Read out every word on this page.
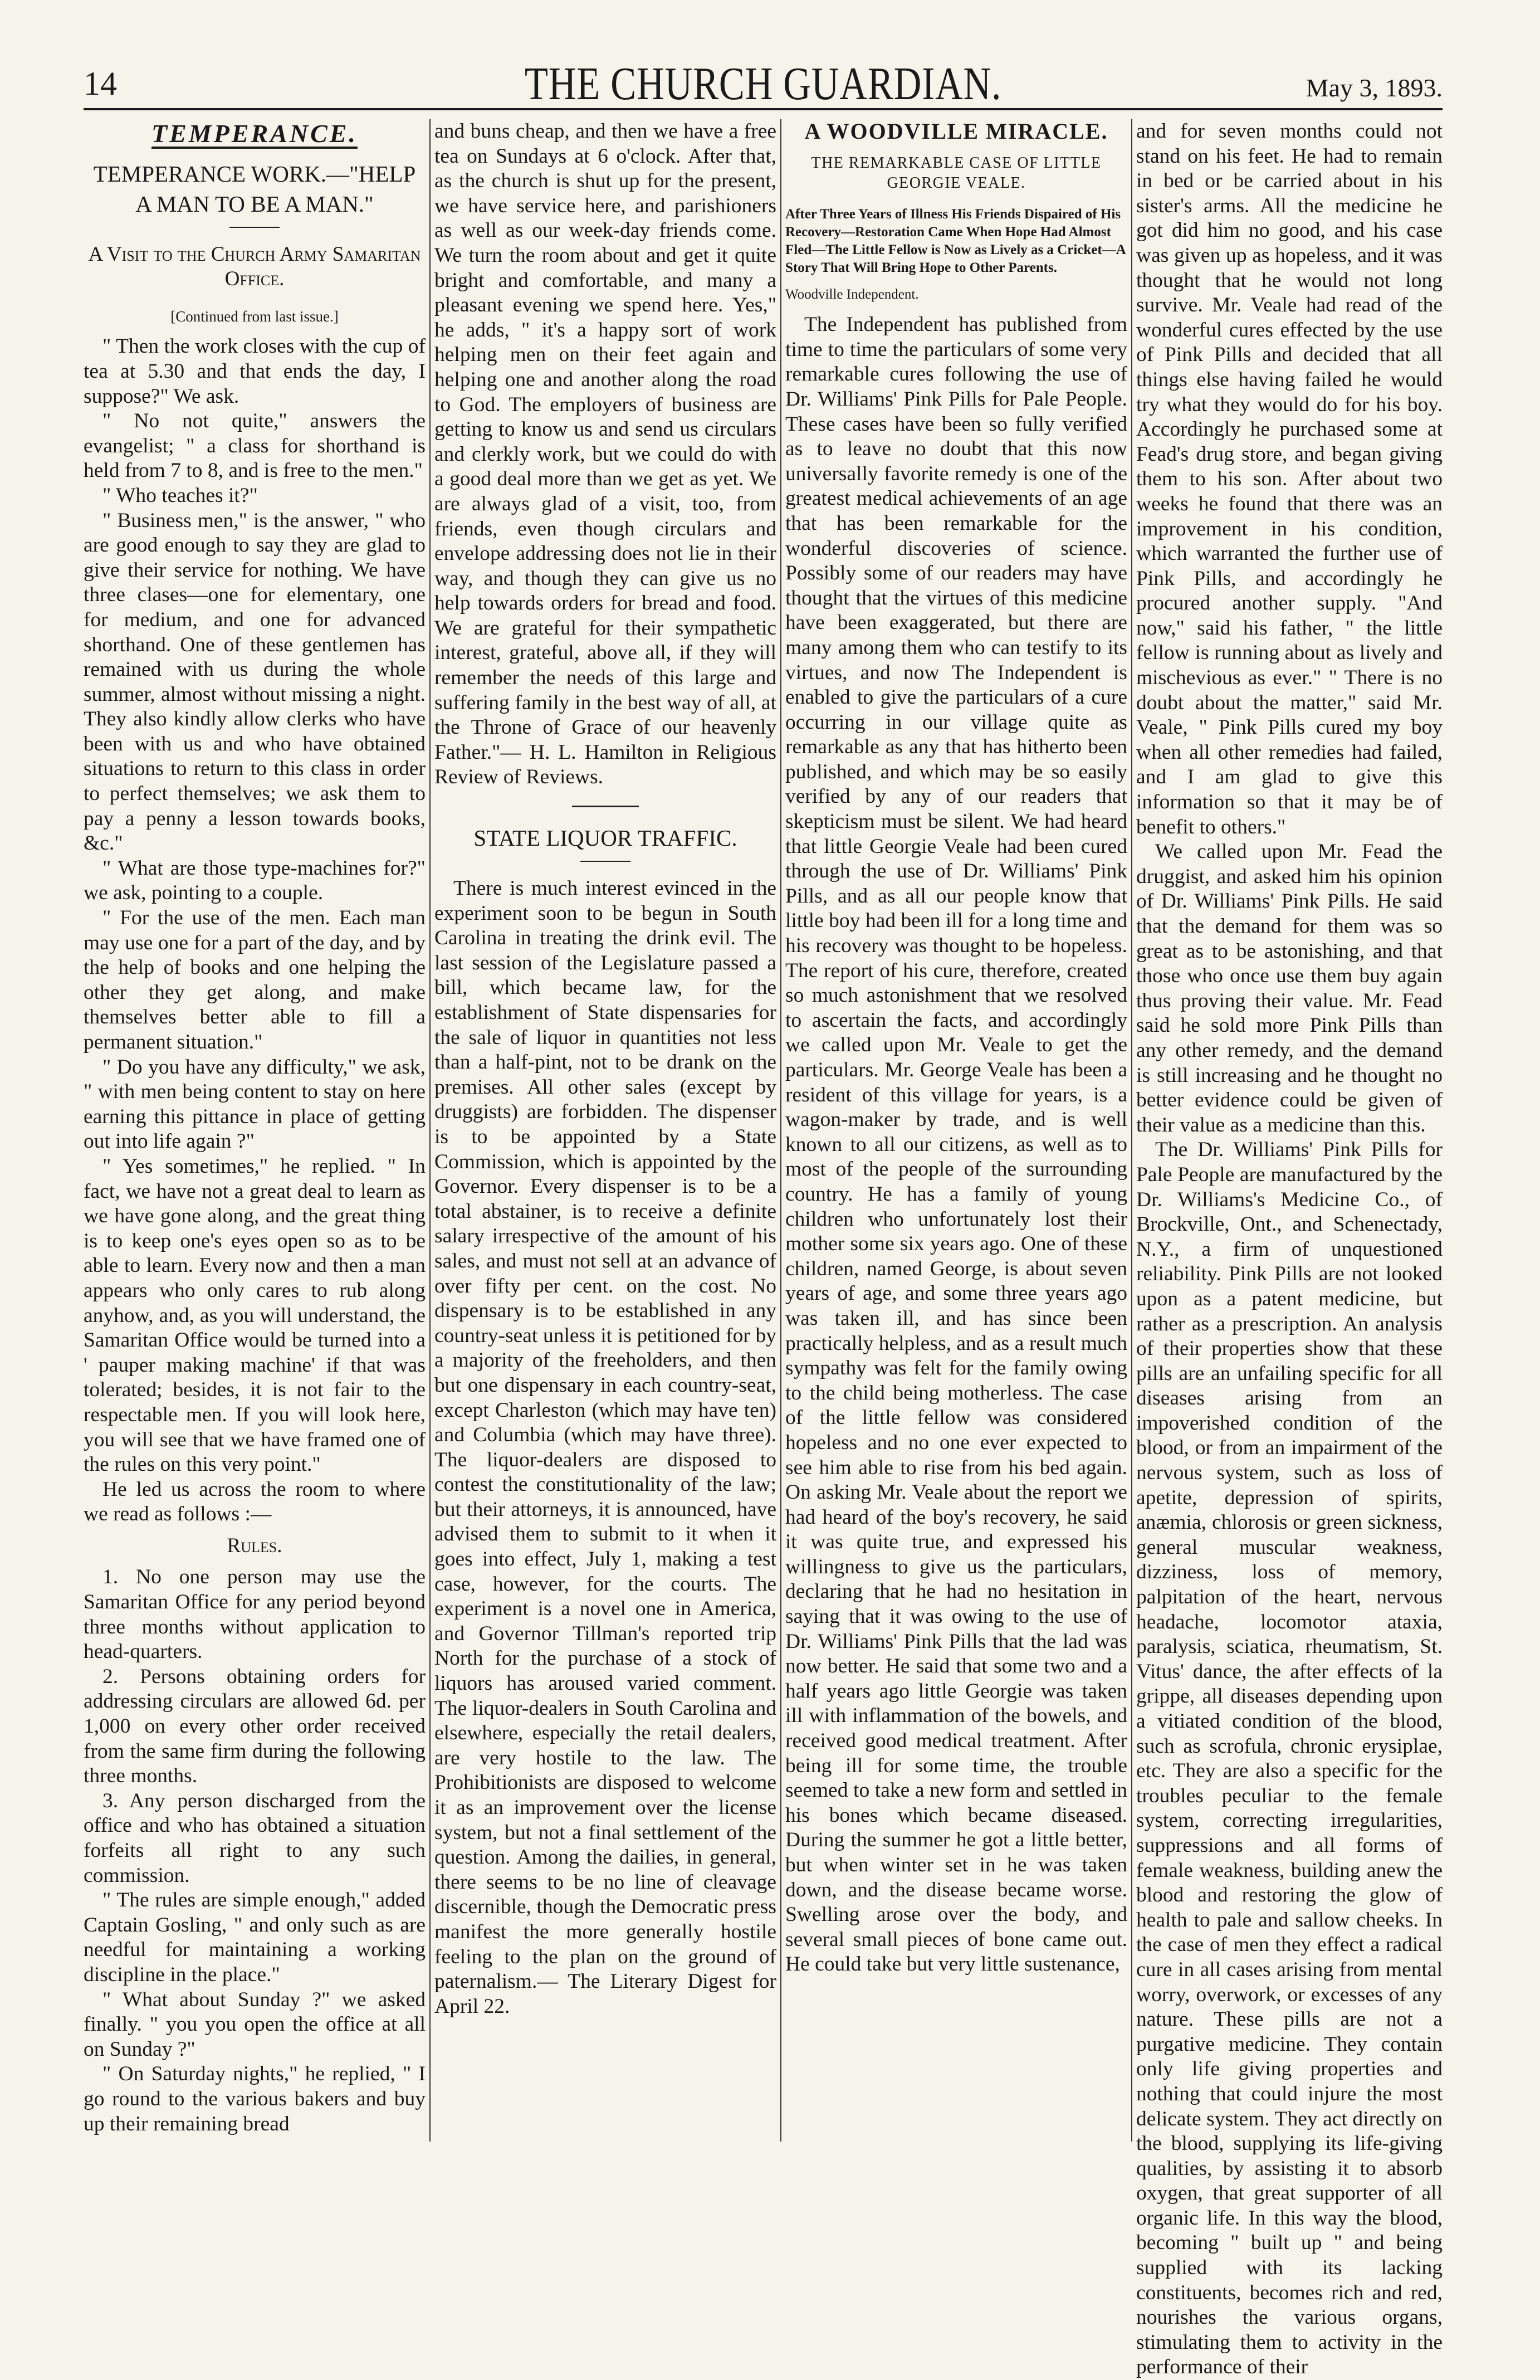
14	THE CHURCH GUARDIAN.	May 3, 1893.
TEMPERANCE.
TEMPERANCE WORK.—"HELP A MAN TO BE A MAN."
A Visit to the Church Army Samaritan Office.
[Continued from last issue.]

" Then the work closes with the cup of tea at 5.30 and that ends the day, I suppose?" We ask.

" No not quite," answers the evangelist; " a class for shorthand is held from 7 to 8, and is free to the men."

" Who teaches it?"

" Business men," is the answer, " who are good enough to say they are glad to give their service for nothing. We have three clases—one for elementary, one for medium, and one for advanced shorthand. One of these gentlemen has remained with us during the whole summer, almost without missing a night. They also kindly allow clerks who have been with us and who have obtained situations to return to this class in order to perfect themselves; we ask them to pay a penny a lesson towards books, &c."

" What are those type-machines for?" we ask, pointing to a couple.

" For the use of the men. Each man may use one for a part of the day, and by the help of books and one helping the other they get along, and make themselves better able to fill a permanent situation."

" Do you have any difficulty," we ask, " with men being content to stay on here earning this pittance in place of getting out into life again ?"

" Yes sometimes," he replied. " In fact, we have not a great deal to learn as we have gone along, and the great thing is to keep one's eyes open so as to be able to learn. Every now and then a man appears who only cares to rub along anyhow, and, as you will understand, the Samaritan Office would be turned into a ' pauper making machine' if that was tolerated; besides, it is not fair to the respectable men. If you will look here, you will see that we have framed one of the rules on this very point."

He led us across the room to where we read as follows :—

Rules.

1. No one person may use the Samaritan Office for any period beyond three months without application to head-quarters.

2. Persons obtaining orders for addressing circulars are allowed 6d. per 1,000 on every other order received from the same firm during the following three months.

3. Any person discharged from the office and who has obtained a situation forfeits all right to any such commission.

" The rules are simple enough," added Captain Gosling, " and only such as are needful for maintaining a working discipline in the place."

" What about Sunday ?" we asked finally. " you you open the office at all on Sunday ?"

" On Saturday nights," he replied, " I go round to the various bakers and buy up their remaining bread

and buns cheap, and then we have a free tea on Sundays at 6 o'clock. After that, as the church is shut up for the present, we have service here, and parishioners as well as our week-day friends come. We turn the room about and get it quite bright and comfortable, and many a pleasant evening we spend here. Yes," he adds, " it's a happy sort of work helping men on their feet again and helping one and another along the road to God. The employers of business are getting to know us and send us circulars and clerkly work, but we could do with a good deal more than we get as yet. We are always glad of a visit, too, from friends, even though circulars and envelope addressing does not lie in their way, and though they can give us no help towards orders for bread and food. We are grateful for their sympathetic interest, grateful, above all, if they will remember the needs of this large and suffering family in the best way of all, at the Throne of Grace of our heavenly Father."— H. L. Hamilton in Religious Review of Reviews.

STATE LIQUOR TRAFFIC.

There is much interest evinced in the experiment soon to be begun in South Carolina in treating the drink evil. The last session of the Legislature passed a bill, which became law, for the establishment of State dispensaries for the sale of liquor in quantities not less than a half-pint, not to be drank on the premises. All other sales (except by druggists) are forbidden. The dispenser is to be appointed by a State Commission, which is appointed by the Governor. Every dispenser is to be a total abstainer, is to receive a definite salary irrespective of the amount of his sales, and must not sell at an advance of over fifty per cent. on the cost. No dispensary is to be established in any country-seat unless it is petitioned for by a majority of the freeholders, and then but one dispensary in each country-seat, except Charleston (which may have ten) and Columbia (which may have three). The liquor-dealers are disposed to contest the constitutionality of the law; but their attorneys, it is announced, have advised them to submit to it when it goes into effect, July 1, making a test case, however, for the courts. The experiment is a novel one in America, and Governor Tillman's reported trip North for the purchase of a stock of liquors has aroused varied comment. The liquor-dealers in South Carolina and elsewhere, especially the retail dealers, are very hostile to the law. The Prohibitionists are disposed to welcome it as an improvement over the license system, but not a final settlement of the question. Among the dailies, in general, there seems to be no line of cleavage discernible, though the Democratic press manifest the more generally hostile feeling to the plan on the ground of paternalism.— The Literary Digest for April 22.

A WOODVILLE MIRACLE.
THE REMARKABLE CASE OF LITTLE GEORGIE VEALE.

After Three Years of Illness His Friends Dispaired of His Recovery—Restoration Came When Hope Had Almost Fled—The Little Fellow is Now as Lively as a Cricket—A Story That Will Bring Hope to Other Parents.

Woodville Independent.

The Independent has published from time to time the particulars of some very remarkable cures following the use of Dr. Williams' Pink Pills for Pale People. These cases have been so fully verified as to leave no doubt that this now universally favorite remedy is one of the greatest medical achievements of an age that has been remarkable for the wonderful discoveries of science. Possibly some of our readers may have thought that the virtues of this medicine have been exaggerated, but there are many among them who can testify to its virtues, and now The Independent is enabled to give the particulars of a cure occurring in our village quite as remarkable as any that has hitherto been published, and which may be so easily verified by any of our readers that skepticism must be silent. We had heard that little Georgie Veale had been cured through the use of Dr. Williams' Pink Pills, and as all our people know that little boy had been ill for a long time and his recovery was thought to be hopeless. The report of his cure, therefore, created so much astonishment that we resolved to ascertain the facts, and accordingly we called upon Mr. Veale to get the particulars. Mr. George Veale has been a resident of this village for years, is a wagon-maker by trade, and is well known to all our citizens, as well as to most of the people of the surrounding country. He has a family of young children who unfortunately lost their mother some six years ago. One of these children, named George, is about seven years of age, and some three years ago was taken ill, and has since been practically helpless, and as a result much sympathy was felt for the family owing to the child being motherless. The case of the little fellow was considered hopeless and no one ever expected to see him able to rise from his bed again. On asking Mr. Veale about the report we had heard of the boy's recovery, he said it was quite true, and expressed his willingness to give us the particulars, declaring that he had no hesitation in saying that it was owing to the use of Dr. Williams' Pink Pills that the lad was now better. He said that some two and a half years ago little Georgie was taken ill with inflammation of the bowels, and received good medical treatment. After being ill for some time, the trouble seemed to take a new form and settled in his bones which became diseased. During the summer he got a little better, but when winter set in he was taken down, and the disease became worse. Swelling arose over the body, and several small pieces of bone came out. He could take but very little sustenance,

and for seven months could not stand on his feet. He had to remain in bed or be carried about in his sister's arms. All the medicine he got did him no good, and his case was given up as hopeless, and it was thought that he would not long survive. Mr. Veale had read of the wonderful cures effected by the use of Pink Pills and decided that all things else having failed he would try what they would do for his boy. Accordingly he purchased some at Fead's drug store, and began giving them to his son. After about two weeks he found that there was an improvement in his condition, which warranted the further use of Pink Pills, and accordingly he procured another supply. "And now," said his father, " the little fellow is running about as lively and mischevious as ever." " There is no doubt about the matter," said Mr. Veale, " Pink Pills cured my boy when all other remedies had failed, and I am glad to give this information so that it may be of benefit to others."

We called upon Mr. Fead the druggist, and asked him his opinion of Dr. Williams' Pink Pills. He said that the demand for them was so great as to be astonishing, and that those who once use them buy again thus proving their value. Mr. Fead said he sold more Pink Pills than any other remedy, and the demand is still increasing and he thought no better evidence could be given of their value as a medicine than this.

The Dr. Williams' Pink Pills for Pale People are manufactured by the Dr. Williams's Medicine Co., of Brockville, Ont., and Schenectady, N.Y., a firm of unquestioned reliability. Pink Pills are not looked upon as a patent medicine, but rather as a prescription. An analysis of their properties show that these pills are an unfailing specific for all diseases arising from an impoverished condition of the blood, or from an impairment of the nervous system, such as loss of apetite, depression of spirits, anæmia, chlorosis or green sickness, general muscular weakness, dizziness, loss of memory, palpitation of the heart, nervous headache, locomotor ataxia, paralysis, sciatica, rheumatism, St. Vitus' dance, the after effects of la grippe, all diseases depending upon a vitiated condition of the blood, such as scrofula, chronic erysiplae, etc. They are also a specific for the troubles peculiar to the female system, correcting irregularities, suppressions and all forms of female weakness, building anew the blood and restoring the glow of health to pale and sallow cheeks. In the case of men they effect a radical cure in all cases arising from mental worry, overwork, or excesses of any nature. These pills are not a purgative medicine. They contain only life giving properties and nothing that could injure the most delicate system. They act directly on the blood, supplying its life-giving qualities, by assisting it to absorb oxygen, that great supporter of all organic life. In this way the blood, becoming " built up " and being supplied with its lacking constituents, becomes rich and red, nourishes the various organs, stimulating them to activity in the performance of their
